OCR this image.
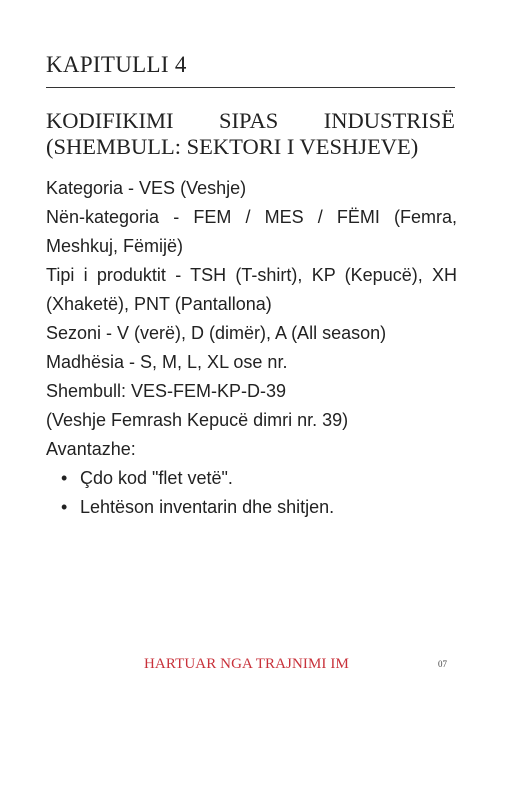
KAPITULLI 4
KODIFIKIMI SIPAS INDUSTRISË (SHEMBULL: SEKTORI I VESHJEVE)

Kategoria - VES (Veshje)

Nën-kategoria - FEM / MES / FËMI (Femra, Meshkuj, Fëmijë)

Tipi i produktit - TSH (T-shirt), KP (Kepucë), XH (Xhaketë), PNT (Pantallona)

Sezoni - V (verë), D (dimër), A (All season)

Madhësia - S, M, L, XL ose nr.

Shembull: VES-FEM-KP-D-39

(Veshje Femrash Kepucë dimri nr. 39)

Avantazhe:

• Çdo kod "flet vetë".
• Lehtëson inventarin dhe shitjen.
HARTUAR NGA TRAJNIMI IM	07
